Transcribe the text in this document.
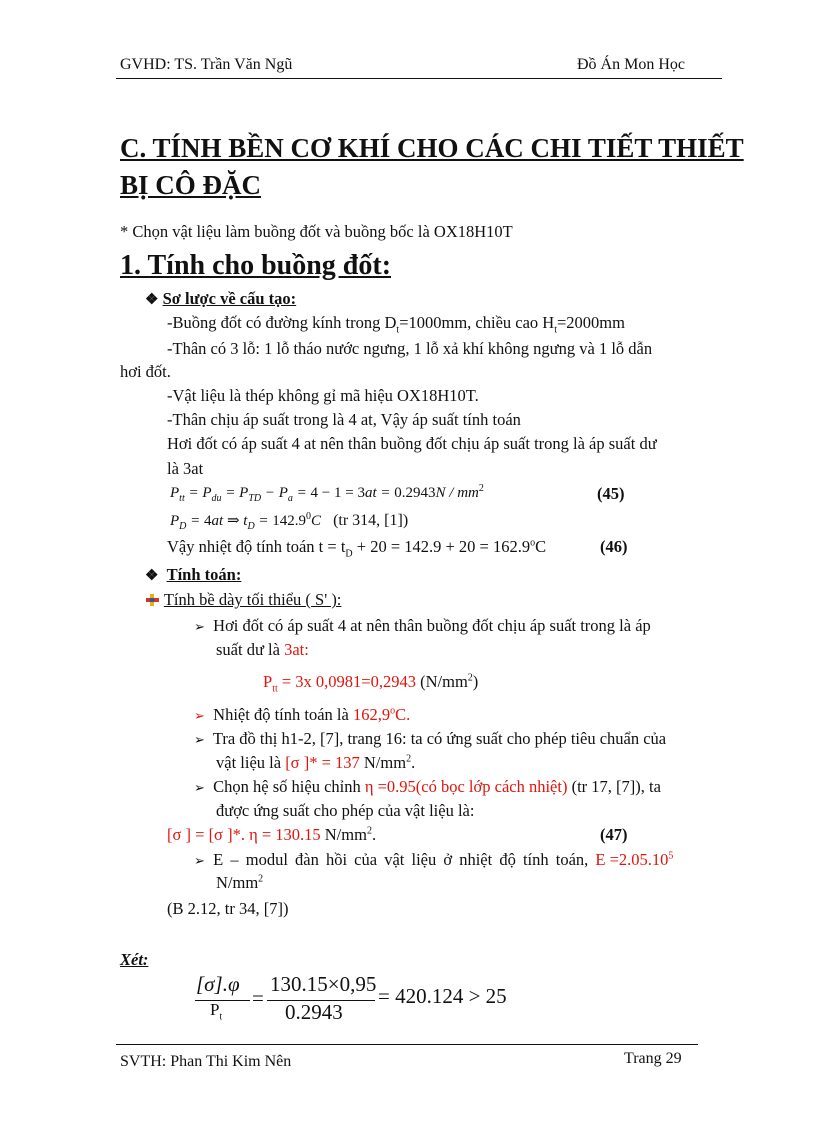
GVHD: TS. Trần Văn Ngũ	Đồ Án Mon Học
C. TÍNH BỀN CƠ KHÍ CHO CÁC CHI TIẾT THIẾT
BỊ CÔ ĐẶC
* Chọn vật liệu làm buồng đốt và buồng bốc là OX18H10T
1. Tính cho buồng đốt:
❖ Sơ lược về cấu tạo:
-Buồng đốt có đường kính trong $D_t=1000mm$, chiều cao $H_t=2000mm$
-Thân có 3 lỗ: 1 lỗ tháo nước ngưng, 1 lỗ xả khí không ngưng và 1 lỗ dẫn
hơi đốt.
-Vật liệu là thép không gỉ mã hiệu OX18H10T.
-Thân chịu áp suất trong là 4 at, Vậy áp suất tính toán
Hơi đốt có áp suất 4 at nên thân buồng đốt chịu áp suất trong là áp suất dư
là 3at
$P_{tt} = P_{du} = P_{TD} - P_a = 4 - 1 = 3at = 0.2943N / mm^2$	(45)
$P_D = 4at$ ⇒ $t_D = 142.9^0C$ (tr 314, [1])
Vậy nhiệt độ tính toán $t = t_D + 20 = 142.9 + 20 = 162.9^oC$	(46)
❖ Tính toán:
Tính bề dày tối thiểu ( S' ):
➢ Hơi đốt có áp suất 4 at nên thân buồng đốt chịu áp suất trong là áp
suất dư là 3at:
$P_{tt} = 3x$ 0,0981=0,2943 $(N/mm^2)$
➢ Nhiệt độ tính toán là 162,9$^o$C.
➢ Tra đồ thị h1-2, [7], trang 16: ta có ứng suất cho phép tiêu chuẩn của
vật liệu là [σ ]* = 137 $N/mm^2$.
➢ Chọn hệ số hiệu chỉnh η =0.95(có bọc lớp cách nhiệt) (tr 17, [7]), ta
được ứng suất cho phép của vật liệu là:
[σ ] = [σ ]*. η = 130.15 $N/mm^2$.	(47)
➢ E – modul đàn hồi của vật liệu ở nhiệt độ tính toán, $E =2.05.10^5$
$N/mm^2$
(B 2.12, tr 34, [7])
Xét:
[σ].φ
$P_t$
=
130.15×0,95
0.2943
= 420.124 > 25
SVTH: Phan Thi Kim Nên	Trang 29
